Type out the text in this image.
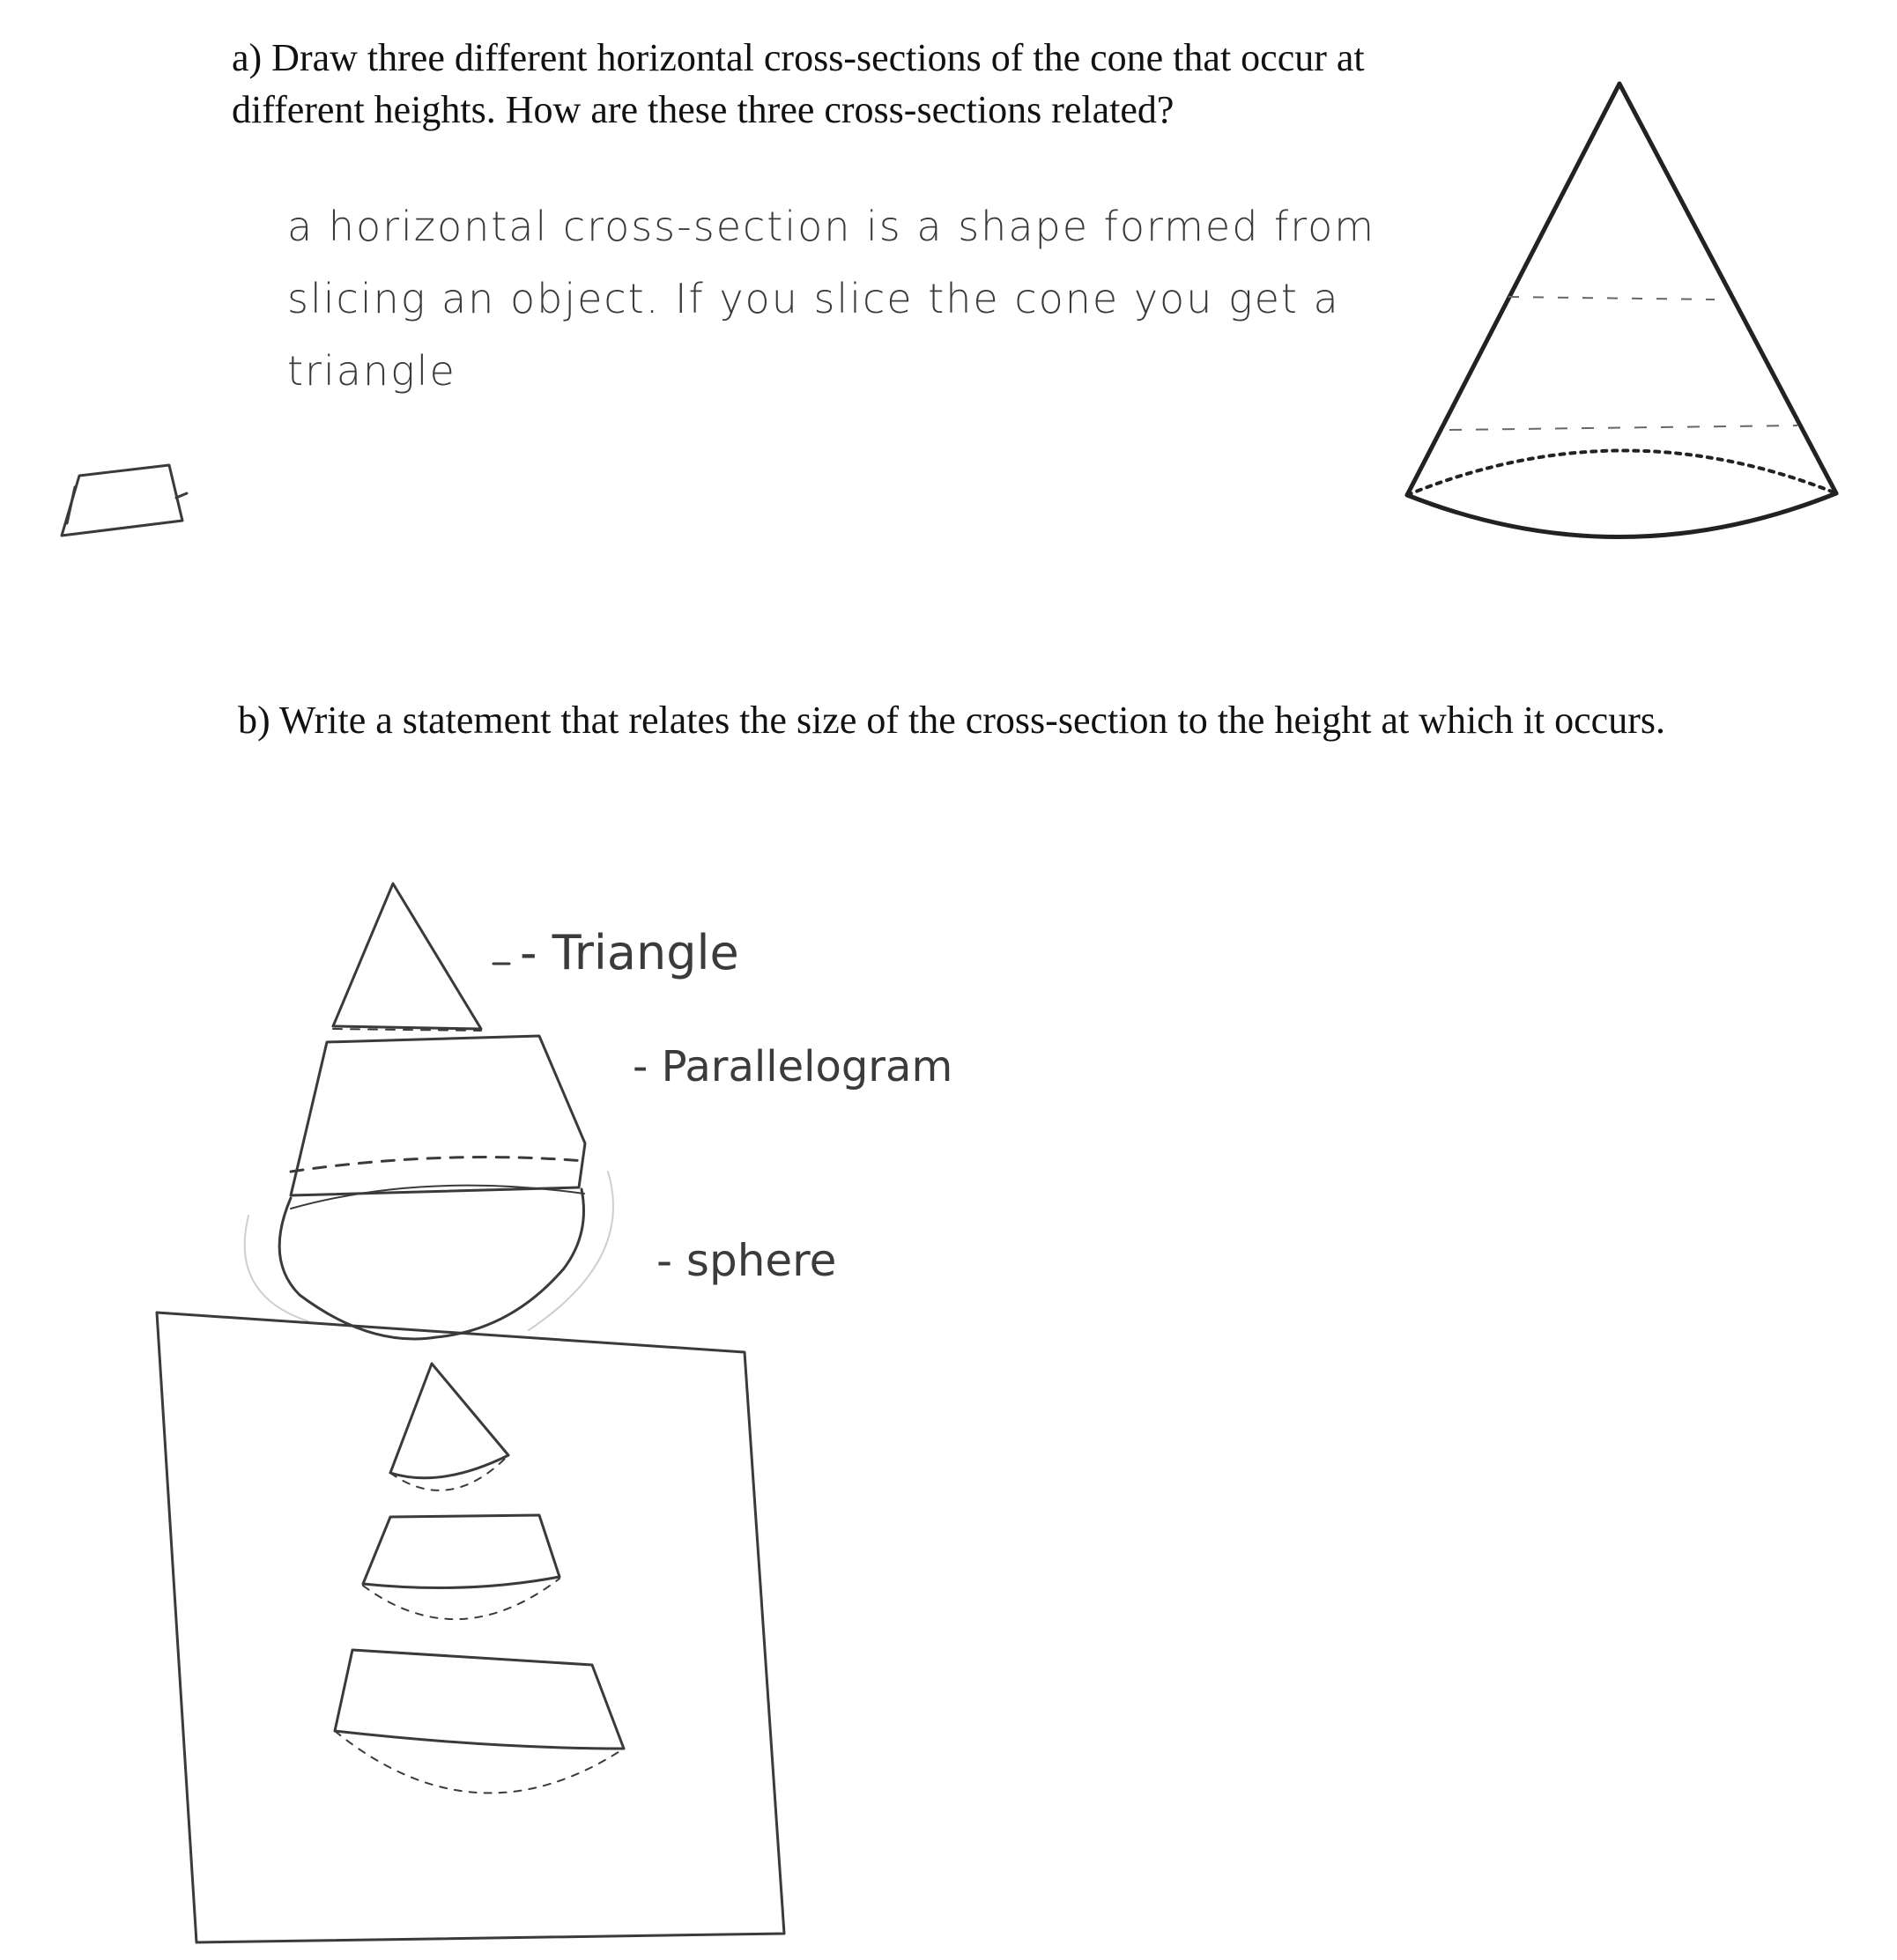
a) Draw three different horizontal cross-sections of the cone that occur at different heights. How are these three cross-sections related?

a horizontal cross-section is a shape formed from slicing an object. If you slice the cone you get a triangle

b) Write a statement that relates the size of the cross-section to the height at which it occurs.

- Triangle

- Parallelogram

- sphere
